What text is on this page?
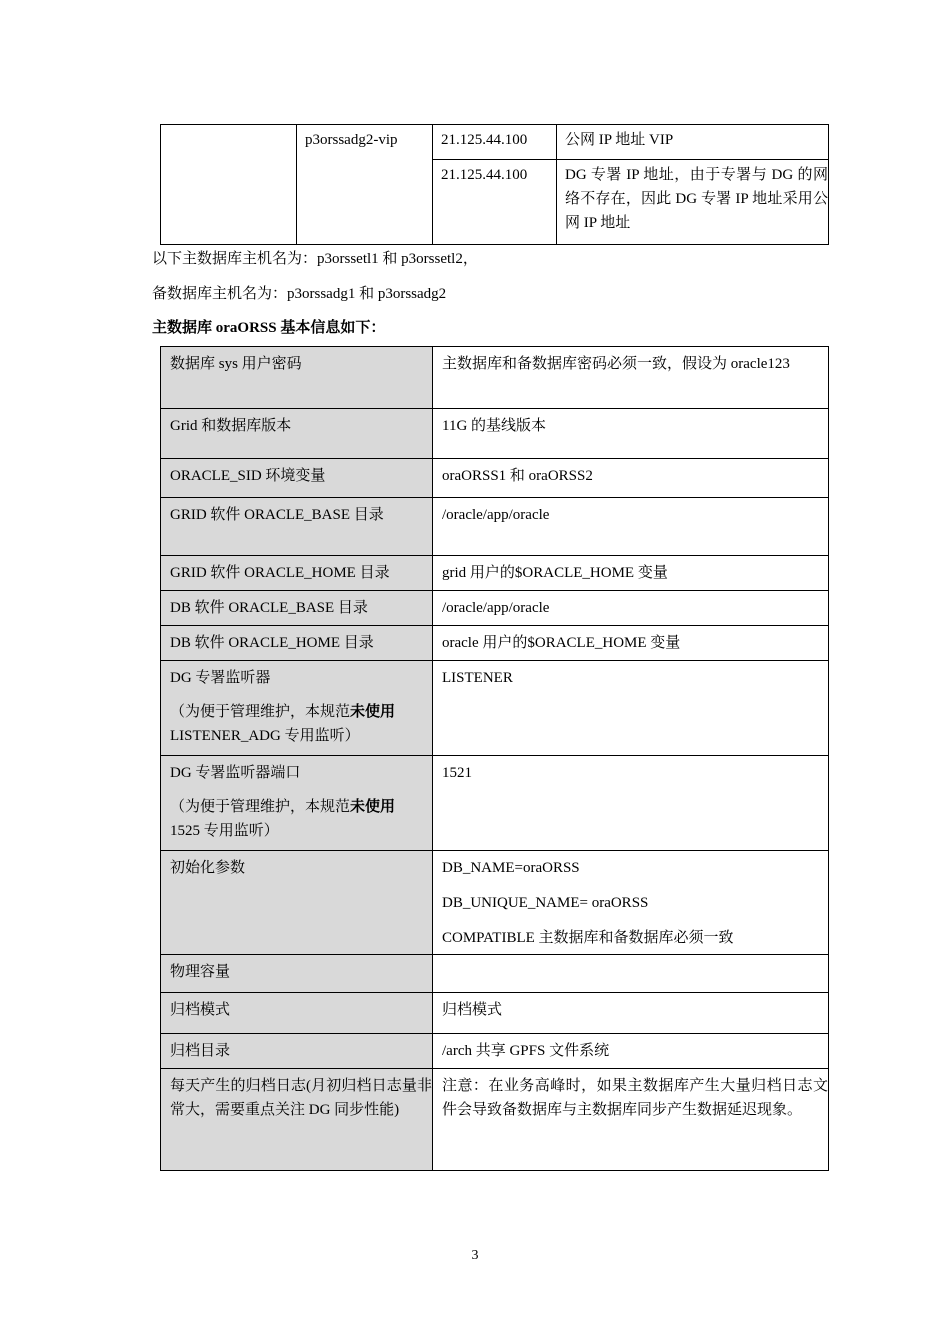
	p3orssadg2-vip	21.125.44.100	公网 IP 地址 VIP
		21.125.44.100	DG 专署 IP 地址，由于专署与 DG 的网络不存在，因此 DG 专署 IP 地址采用公网 IP 地址

以下主数据库主机名为：p3orssetl1 和 p3orssetl2，

备数据库主机名为：p3orssadg1 和 p3orssadg2

主数据库 oraORSS 基本信息如下：

数据库 sys 用户密码	主数据库和备数据库密码必须一致，假设为 oracle123
Grid 和数据库版本	11G 的基线版本
ORACLE_SID 环境变量	oraORSS1 和 oraORSS2
GRID 软件 ORACLE_BASE 目录	/oracle/app/oracle
GRID 软件 ORACLE_HOME 目录	grid 用户的$ORACLE_HOME 变量
DB 软件 ORACLE_BASE 目录	/oracle/app/oracle
DB 软件 ORACLE_HOME 目录	oracle 用户的$ORACLE_HOME 变量

DG 专署监听器
（为便于管理维护，本规范未使用
LISTENER_ADG 专用监听）	LISTENER

DG 专署监听器端口
（为便于管理维护，本规范未使用
1525 专用监听）	1521
初始化参数	DB_NAME=oraORSS
DB_UNIQUE_NAME= oraORSS
COMPATIBLE 主数据库和备数据库必须一致

物理容量	
归档模式	归档模式
归档目录	/arch 共享 GPFS 文件系统
每天产生的归档日志(月初归档日志量非常大，需要重点关注 DG 同步性能)	注意：在业务高峰时，如果主数据库产生大量归档日志文件会导致备数据库与主数据库同步产生数据延迟现象。
3
